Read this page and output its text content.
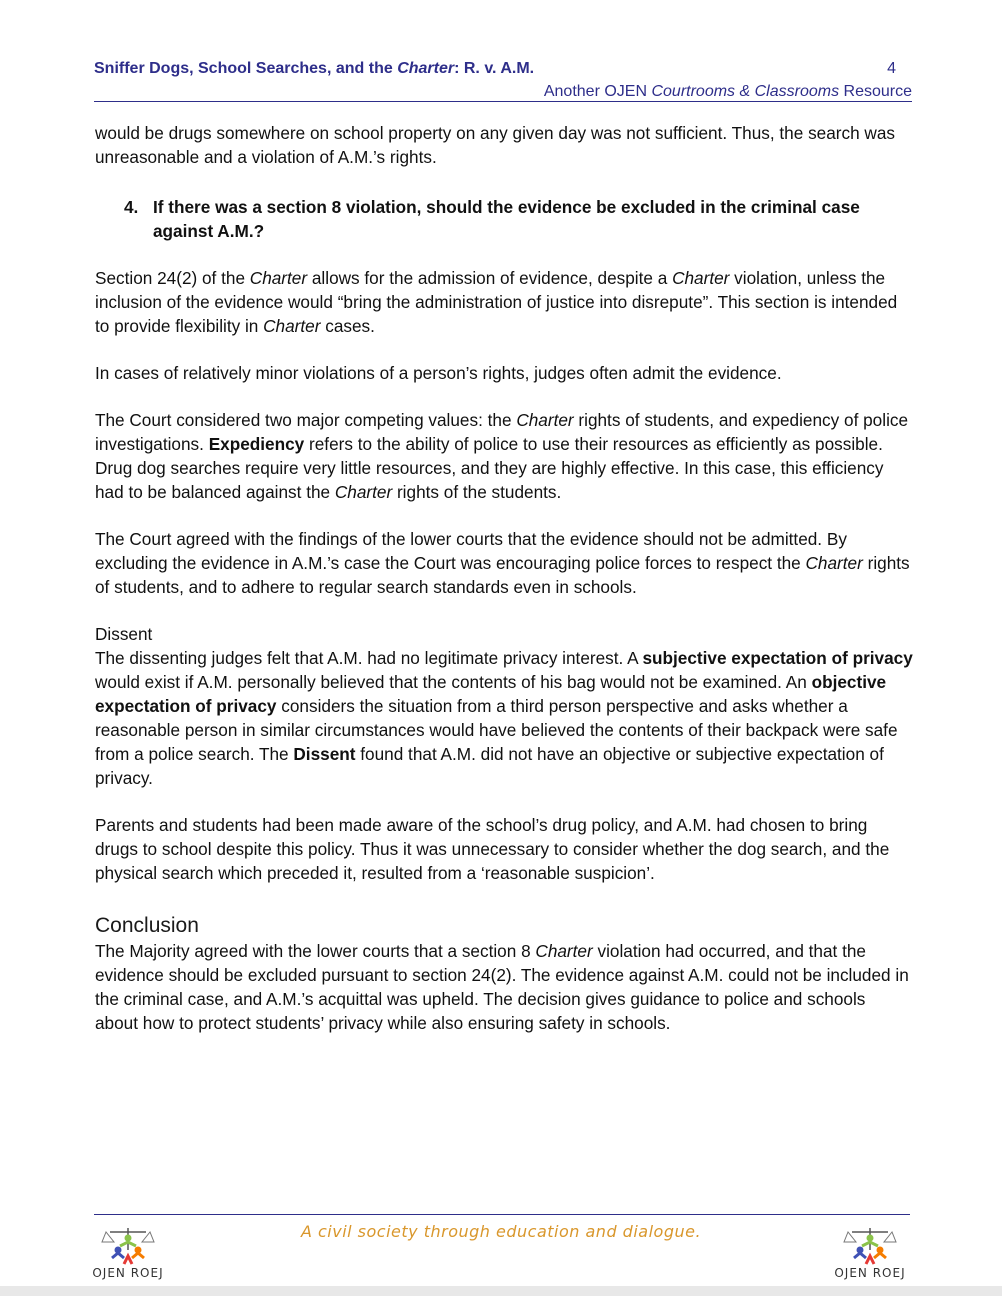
Sniffer Dogs, School Searches, and the Charter: R. v. A.M.	4
Another OJEN Courtrooms & Classrooms Resource

would be drugs somewhere on school property on any given day was not sufficient. Thus, the search was unreasonable and a violation of A.M.’s rights.

4. If there was a section 8 violation, should the evidence be excluded in the criminal case against A.M.?

Section 24(2) of the Charter allows for the admission of evidence, despite a Charter violation, unless the inclusion of the evidence would “bring the administration of justice into disrepute”. This section is intended to provide flexibility in Charter cases.

In cases of relatively minor violations of a person’s rights, judges often admit the evidence.

The Court considered two major competing values: the Charter rights of students, and expediency of police investigations. Expediency refers to the ability of police to use their resources as efficiently as possible. Drug dog searches require very little resources, and they are highly effective. In this case, this efficiency had to be balanced against the Charter rights of the students.

The Court agreed with the findings of the lower courts that the evidence should not be admitted. By excluding the evidence in A.M.’s case the Court was encouraging police forces to respect the Charter rights of students, and to adhere to regular search standards even in schools.

Dissent

The dissenting judges felt that A.M. had no legitimate privacy interest. A subjective expectation of privacy would exist if A.M. personally believed that the contents of his bag would not be examined. An objective expectation of privacy considers the situation from a third person perspective and asks whether a reasonable person in similar circumstances would have believed the contents of their backpack were safe from a police search. The Dissent found that A.M. did not have an objective or subjective expectation of privacy.

Parents and students had been made aware of the school’s drug policy, and A.M. had chosen to bring drugs to school despite this policy. Thus it was unnecessary to consider whether the dog search, and the physical search which preceded it, resulted from a ‘reasonable suspicion’.

Conclusion

The Majority agreed with the lower courts that a section 8 Charter violation had occurred, and that the evidence should be excluded pursuant to section 24(2). The evidence against A.M. could not be included in the criminal case, and A.M.’s acquittal was upheld. The decision gives guidance to police and schools about how to protect students’ privacy while also ensuring safety in schools.

A civil society through education and dialogue.
OJEN ROEJ	OJEN ROEJ
